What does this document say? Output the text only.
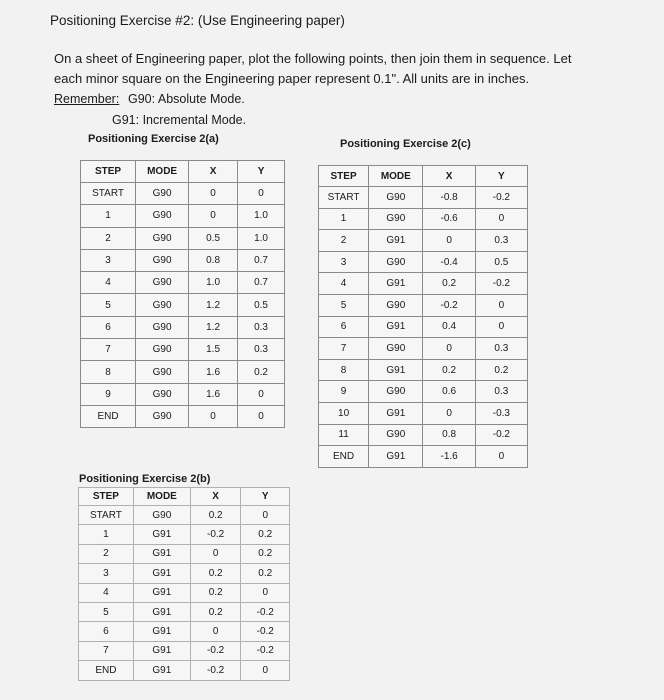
Positioning Exercise #2: (Use Engineering paper)
On a sheet of Engineering paper, plot the following points, then join them in sequence. Let
each minor square on the Engineering paper represent 0.1". All units are in inches.
Remember: G90: Absolute Mode.
G91: Incremental Mode.
Positioning Exercise 2(a)	Positioning Exercise 2(c)
Positioning Exercise 2(b)
STEP	MODE	X	Y
START	G90	0	0
1	G90	0	1.0
2	G90	0.5	1.0
3	G90	0.8	0.7
4	G90	1.0	0.7
5	G90	1.2	0.5
6	G90	1.2	0.3
7	G90	1.5	0.3
8	G90	1.6	0.2
9	G90	1.6	0
END	G90	0	0
STEP	MODE	X	Y
START	G90	-0.8	-0.2
1	G90	-0.6	0
2	G91	0	0.3
3	G90	-0.4	0.5
4	G91	0.2	-0.2
5	G90	-0.2	0
6	G91	0.4	0
7	G90	0	0.3
8	G91	0.2	0.2
9	G90	0.6	0.3
10	G91	0	-0.3
11	G90	0.8	-0.2
END	G91	-1.6	0
STEP	MODE	X	Y
START	G90	0.2	0
1	G91	-0.2	0.2
2	G91	0	0.2
3	G91	0.2	0.2
4	G91	0.2	0
5	G91	0.2	-0.2
6	G91	0	-0.2
7	G91	-0.2	-0.2
END	G91	-0.2	0
